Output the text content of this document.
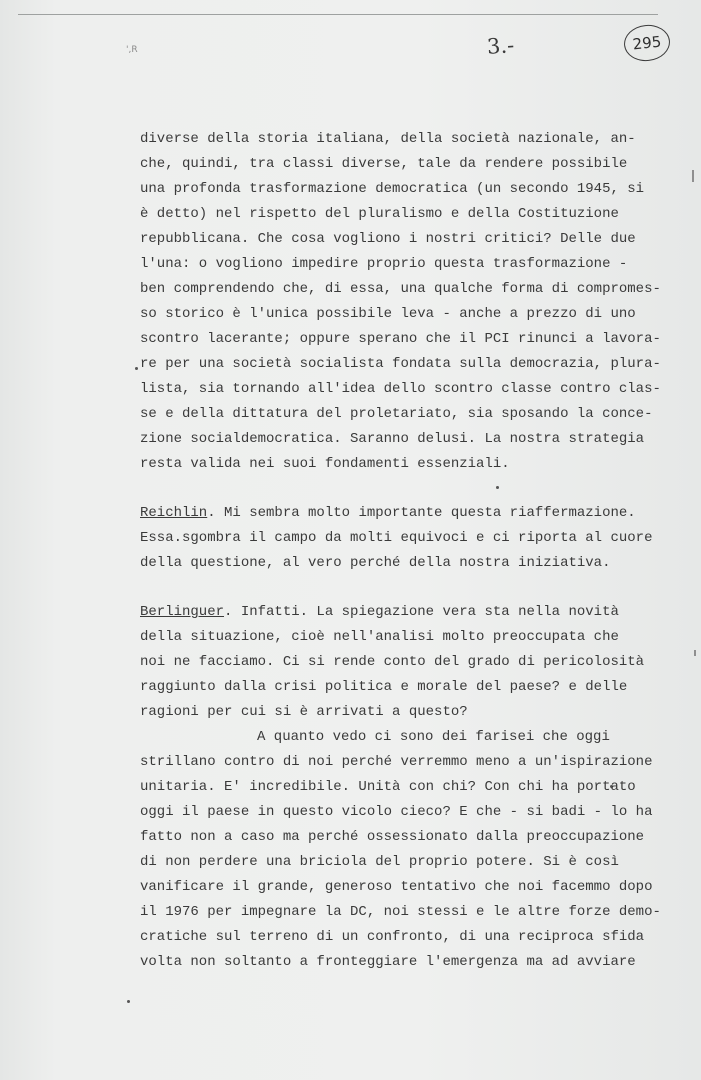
',R	3.-	295
diverse della storia italiana, della società nazionale, an-
che, quindi, tra classi diverse, tale da rendere possibile
una profonda trasformazione democratica (un secondo 1945, si
è detto) nel rispetto del pluralismo e della Costituzione
repubblicana. Che cosa vogliono i nostri critici? Delle due
l'una: o vogliono impedire proprio questa trasformazione -
ben comprendendo che, di essa, una qualche forma di compromes-
so storico è l'unica possibile leva - anche a prezzo di uno
scontro lacerante; oppure sperano che il PCI rinunci a lavora-
re per una società socialista fondata sulla democrazia, plura-
lista, sia tornando all'idea dello scontro classe contro clas-
se e della dittatura del proletariato, sia sposando la conce-
zione socialdemocratica. Saranno delusi. La nostra strategia
resta valida nei suoi fondamenti essenziali.
Reichlin. Mi sembra molto importante questa riaffermazione.
Essa.sgombra il campo da molti equivoci e ci riporta al cuore
della questione, al vero perché della nostra iniziativa.
Berlinguer. Infatti. La spiegazione vera sta nella novità
della situazione, cioè nell'analisi molto preoccupata che
noi ne facciamo. Ci si rende conto del grado di pericolosità
raggiunto dalla crisi politica e morale del paese? e delle
ragioni per cui si è arrivati a questo?
A quanto vedo ci sono dei farisei che oggi
strillano contro di noi perché verremmo meno a un'ispirazione
unitaria. E' incredibile. Unità con chi? Con chi ha portato
oggi il paese in questo vicolo cieco? E che - si badi - lo ha
fatto non a caso ma perché ossessionato dalla preoccupazione
di non perdere una briciola del proprio potere. Si è così
vanificare il grande, generoso tentativo che noi facemmo dopo
il 1976 per impegnare la DC, noi stessi e le altre forze demo-
cratiche sul terreno di un confronto, di una reciproca sfida
volta non soltanto a fronteggiare l'emergenza ma ad avviare
